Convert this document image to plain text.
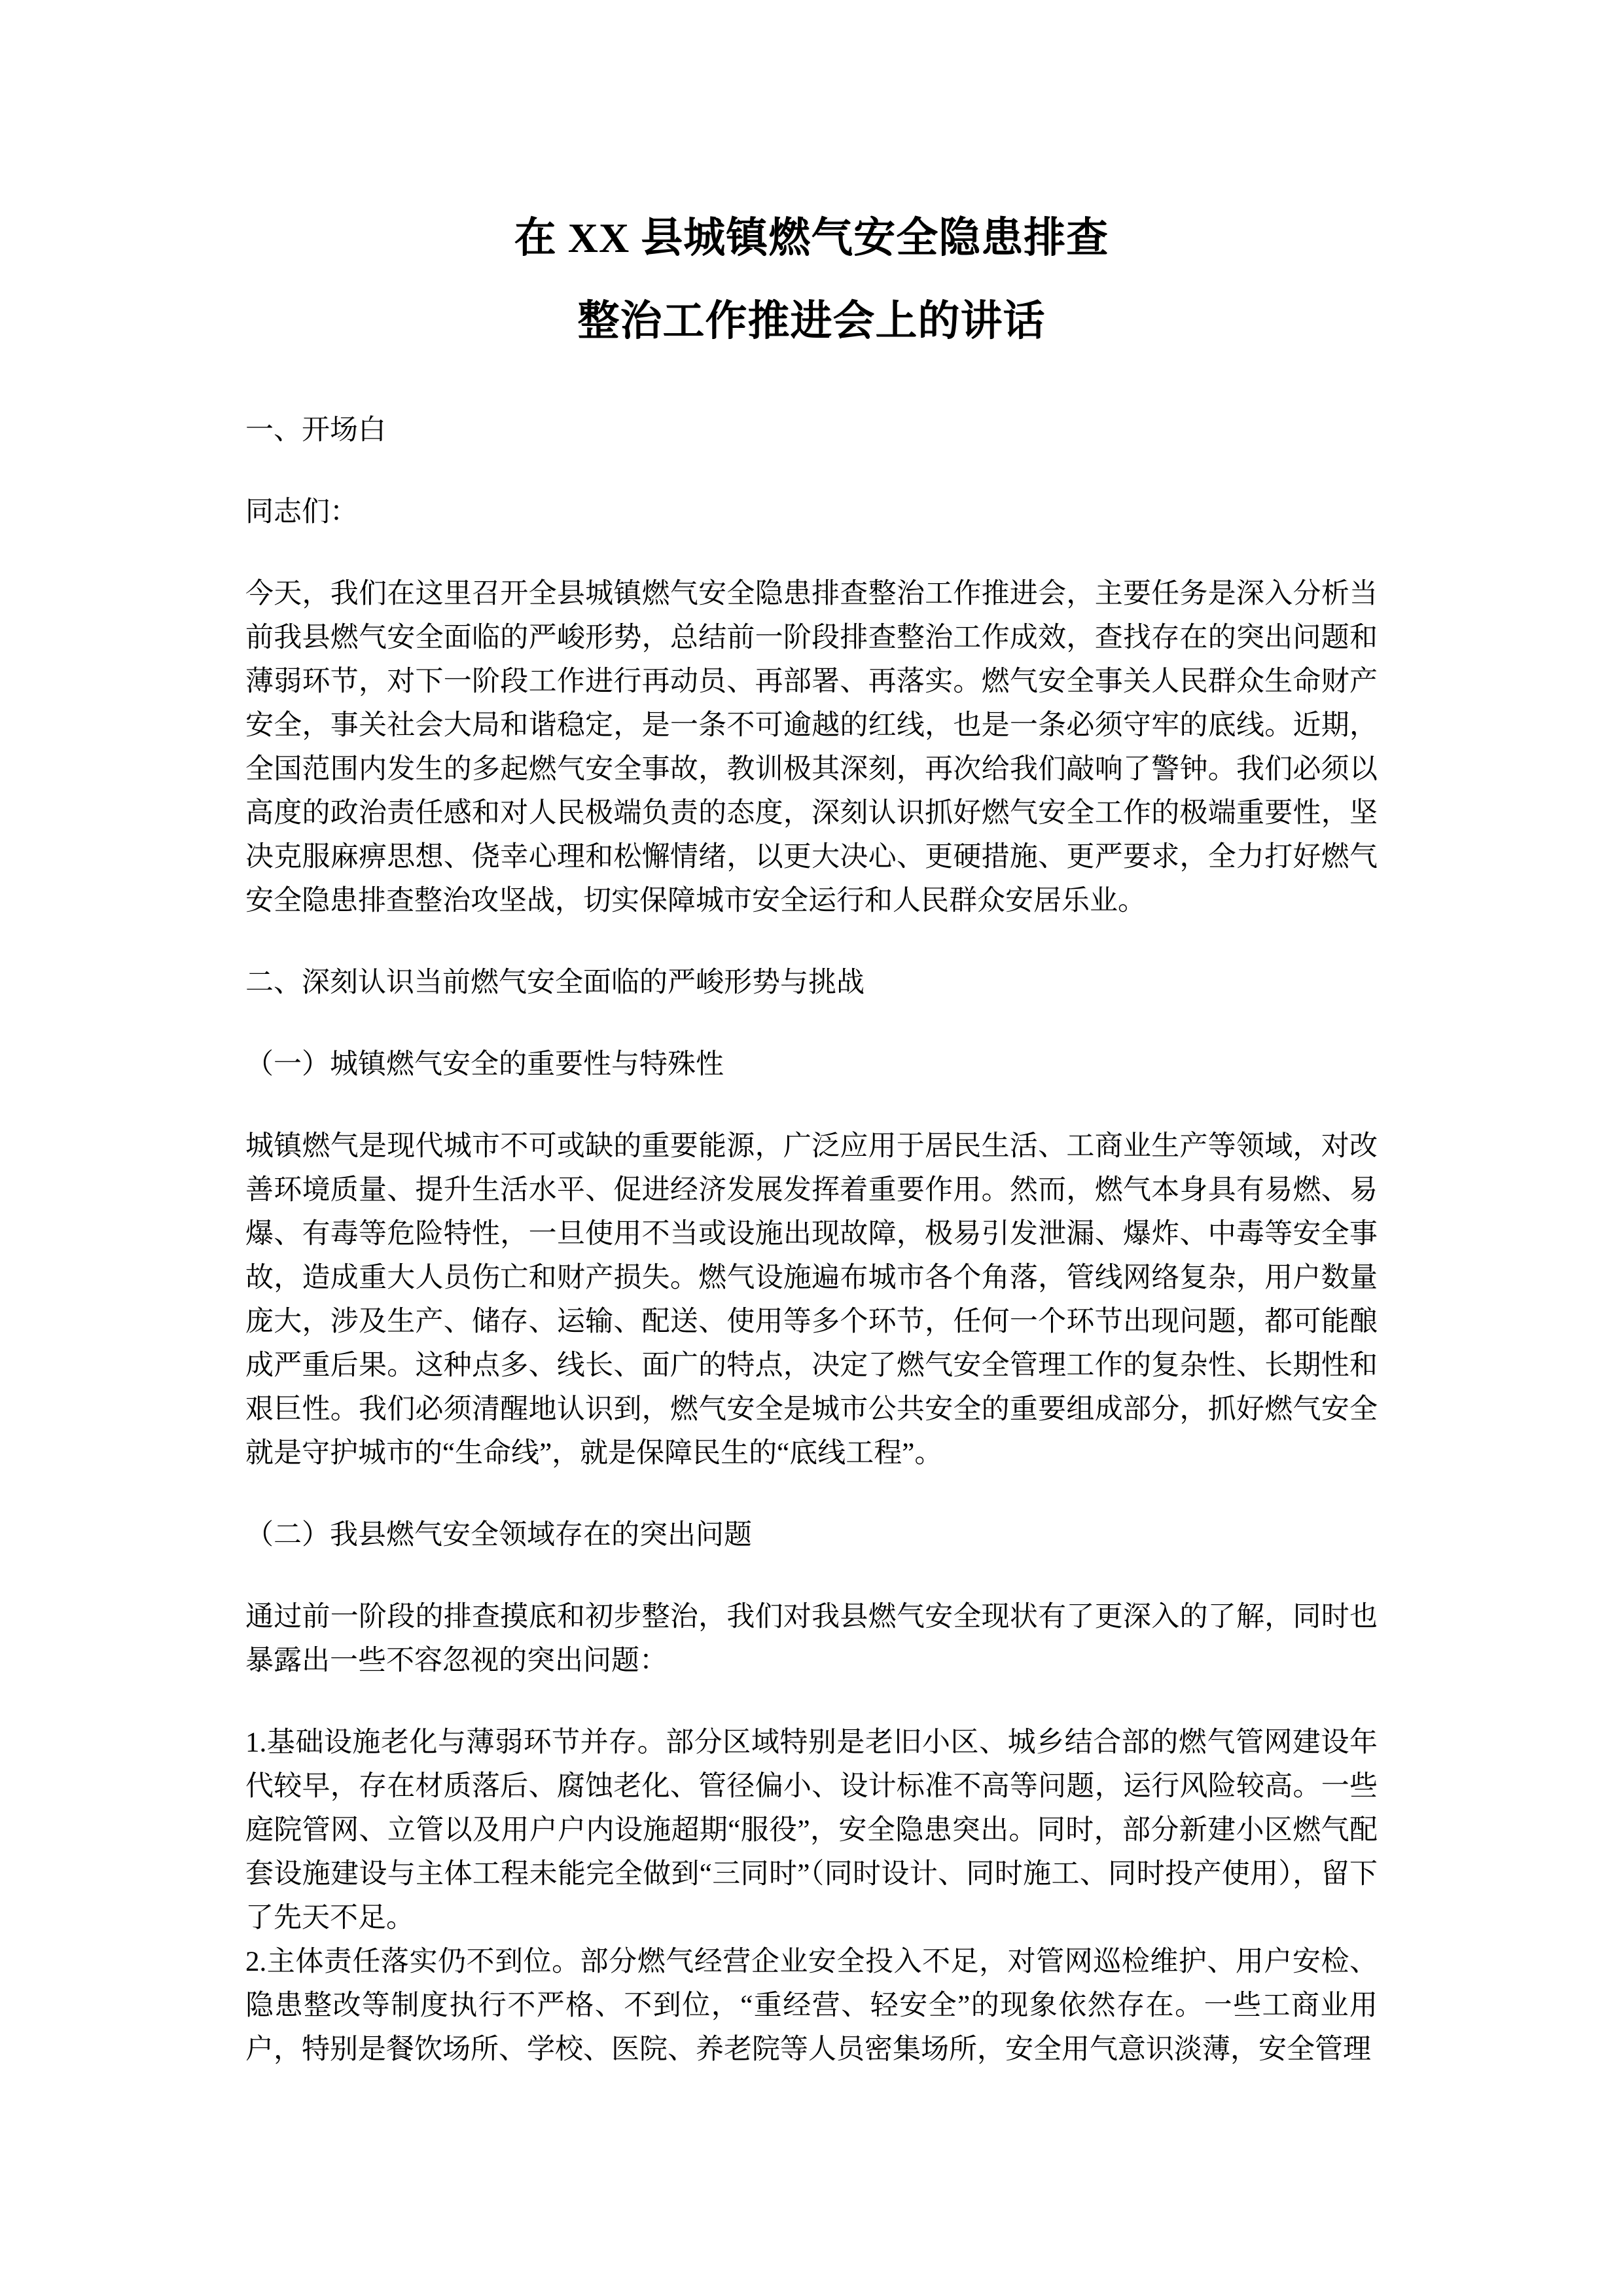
在 XX 县城镇燃气安全隐患排查
整治工作推进会上的讲话

一、开场白

同志们：

今天，我们在这里召开全县城镇燃气安全隐患排查整治工作推进会，主要任务是深入分析当前我县燃气安全面临的严峻形势，总结前一阶段排查整治工作成效，查找存在的突出问题和薄弱环节，对下一阶段工作进行再动员、再部署、再落实。燃气安全事关人民群众生命财产安全，事关社会大局和谐稳定，是一条不可逾越的红线，也是一条必须守牢的底线。近期，全国范围内发生的多起燃气安全事故，教训极其深刻，再次给我们敲响了警钟。我们必须以高度的政治责任感和对人民极端负责的态度，深刻认识抓好燃气安全工作的极端重要性，坚决克服麻痹思想、侥幸心理和松懈情绪，以更大决心、更硬措施、更严要求，全力打好燃气安全隐患排查整治攻坚战，切实保障城市安全运行和人民群众安居乐业。

二、深刻认识当前燃气安全面临的严峻形势与挑战

（一）城镇燃气安全的重要性与特殊性

城镇燃气是现代城市不可或缺的重要能源，广泛应用于居民生活、工商业生产等领域，对改善环境质量、提升生活水平、促进经济发展发挥着重要作用。然而，燃气本身具有易燃、易爆、有毒等危险特性，一旦使用不当或设施出现故障，极易引发泄漏、爆炸、中毒等安全事故，造成重大人员伤亡和财产损失。燃气设施遍布城市各个角落，管线网络复杂，用户数量庞大，涉及生产、储存、运输、配送、使用等多个环节，任何一个环节出现问题，都可能酿成严重后果。这种点多、线长、面广的特点，决定了燃气安全管理工作的复杂性、长期性和艰巨性。我们必须清醒地认识到，燃气安全是城市公共安全的重要组成部分，抓好燃气安全就是守护城市的“生命线”，就是保障民生的“底线工程”。

（二）我县燃气安全领域存在的突出问题

通过前一阶段的排查摸底和初步整治，我们对我县燃气安全现状有了更深入的了解，同时也暴露出一些不容忽视的突出问题：

1.基础设施老化与薄弱环节并存。部分区域特别是老旧小区、城乡结合部的燃气管网建设年代较早，存在材质落后、腐蚀老化、管径偏小、设计标准不高等问题，运行风险较高。一些庭院管网、立管以及用户户内设施超期“服役”，安全隐患突出。同时，部分新建小区燃气配套设施建设与主体工程未能完全做到“三同时”（同时设计、同时施工、同时投产使用），留下了先天不足。

2.主体责任落实仍不到位。部分燃气经营企业安全投入不足，对管网巡检维护、用户安检、隐患整改等制度执行不严格、不到位，“重经营、轻安全”的现象依然存在。一些工商业用户，特别是餐饮场所、学校、医院、养老院等人员密集场所，安全用气意识淡薄，安全管理
